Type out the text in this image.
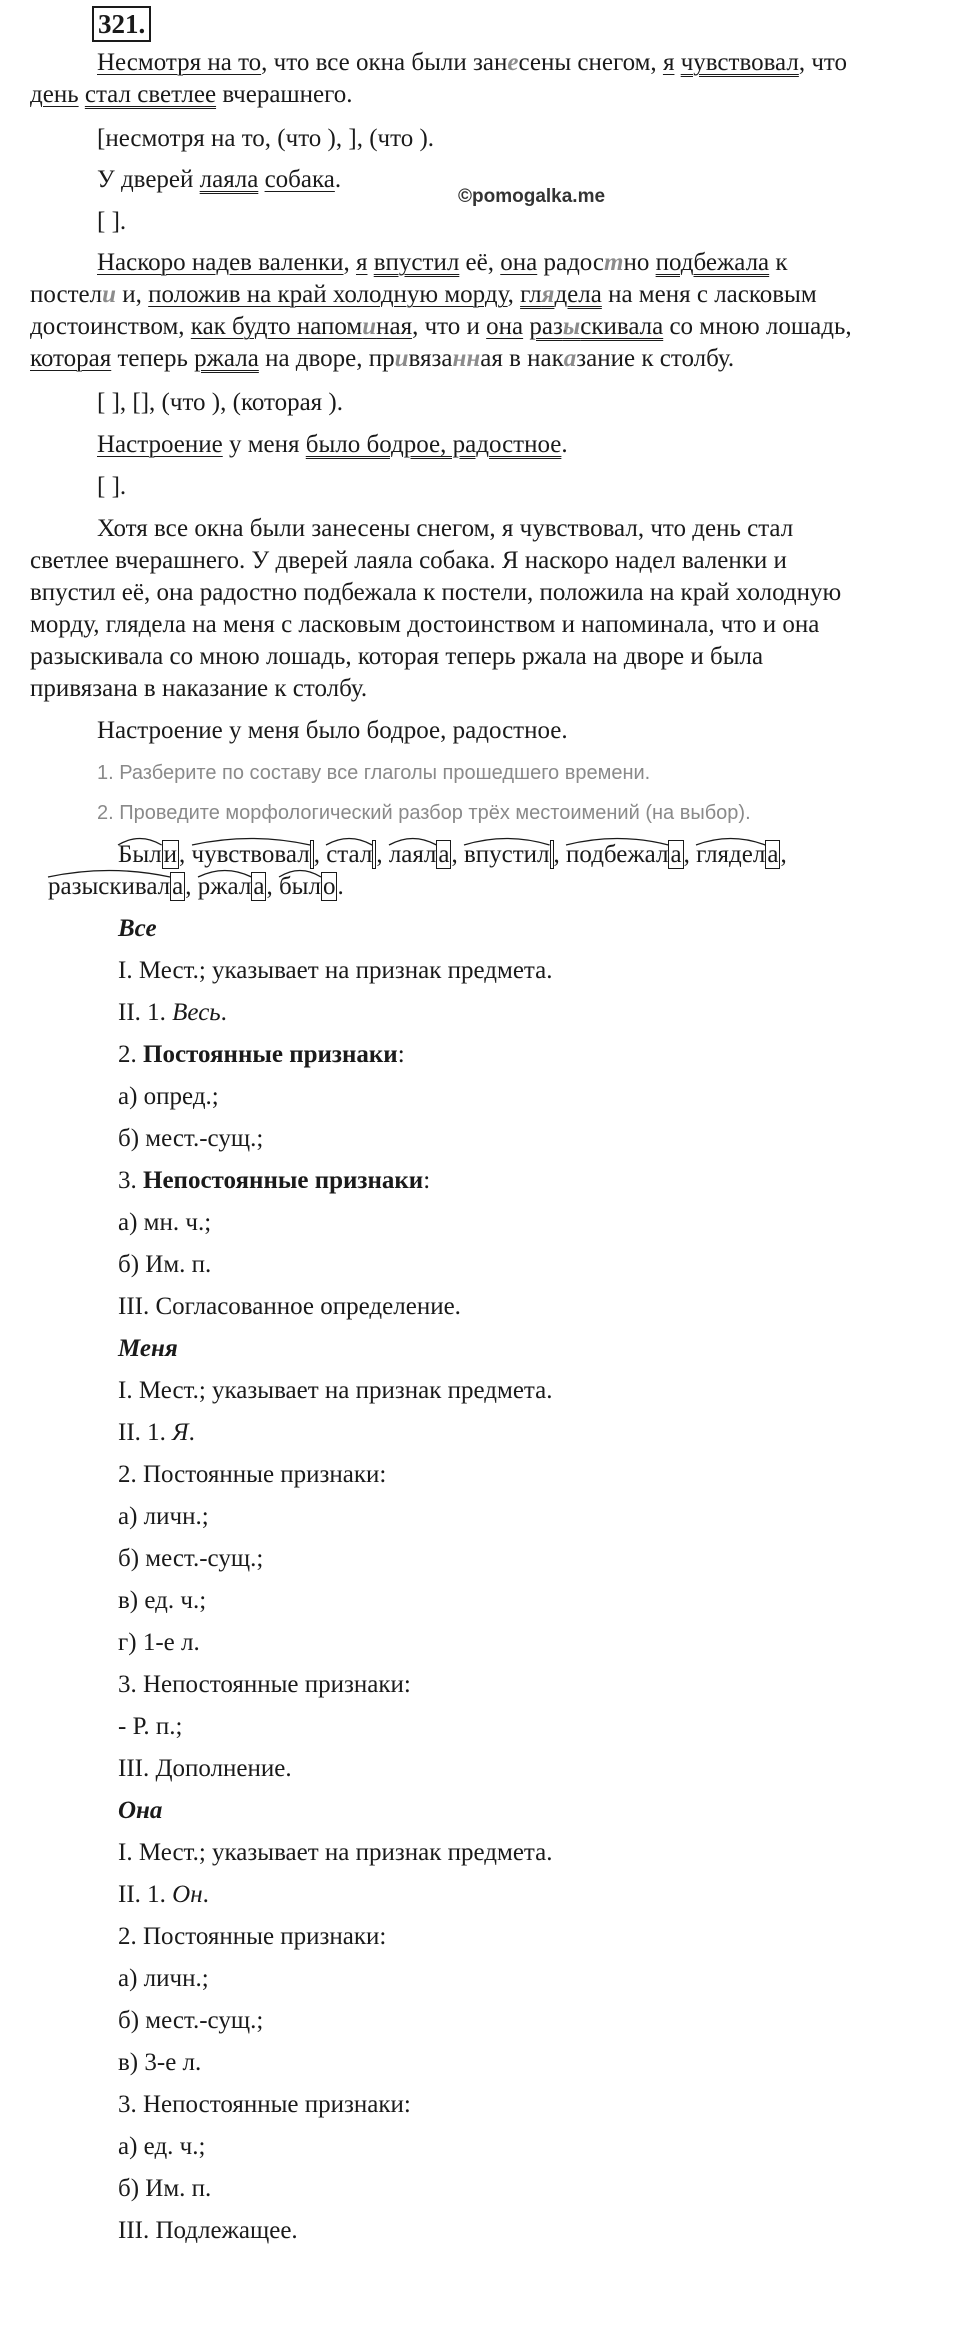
321.
©pomogalka.me
Несмотря на то, что все окна были занесены снегом, я чувствовал, что
день стал светлее вчерашнего.
[несмотря на то, (что ), ], (что ).
У дверей лаяла собака.
[ ].
Наскоро надев валенки, я впустил её, она радостно подбежала к
постели и, положив на край холодную морду, глядела на меня с ласковым
достоинством, как будто напоминая, что и она разыскивала со мною лошадь,
которая теперь ржала на дворе, привязанная в наказание к столбу.
[ ], [], (что ), (которая ).
Настроение у меня было бодрое, радостное.
[ ].
Хотя все окна были занесены снегом, я чувствовал, что день стал
светлее вчерашнего. У дверей лаяла собака. Я наскоро надел валенки и
впустил её, она радостно подбежала к постели, положила на край холодную
морду, глядела на меня с ласковым достоинством и напоминала, что и она
разыскивала со мною лошадь, которая теперь ржала на дворе и была
привязана в наказание к столбу.
Настроение у меня было бодрое, радостное.
1. Разберите по составу все глаголы прошедшего времени.
2. Проведите морфологический разбор трёх местоимений (на выбор).
Были,
чувствовал ,
стал ,
лаяла,
впустил ,
подбежала,
глядела,
разыскивала,
ржала,
было.
Все
I. Мест.; указывает на признак предмета.
II. 1. Весь.
2. Постоянные признаки:
а) опред.;
б) мест.-сущ.;
3. Непостоянные признаки:
а) мн. ч.;
б) Им. п.
III. Согласованное определение.
Меня
I. Мест.; указывает на признак предмета.
II. 1. Я.
2. Постоянные признаки:
а) личн.;
б) мест.-сущ.;
в) ед. ч.;
г) 1-е л.
3. Непостоянные признаки:
- Р. п.;
III. Дополнение.
Она
I. Мест.; указывает на признак предмета.
II. 1. Он.
2. Постоянные признаки:
а) личн.;
б) мест.-сущ.;
в) 3-е л.
3. Непостоянные признаки:
а) ед. ч.;
б) Им. п.
III. Подлежащее.
